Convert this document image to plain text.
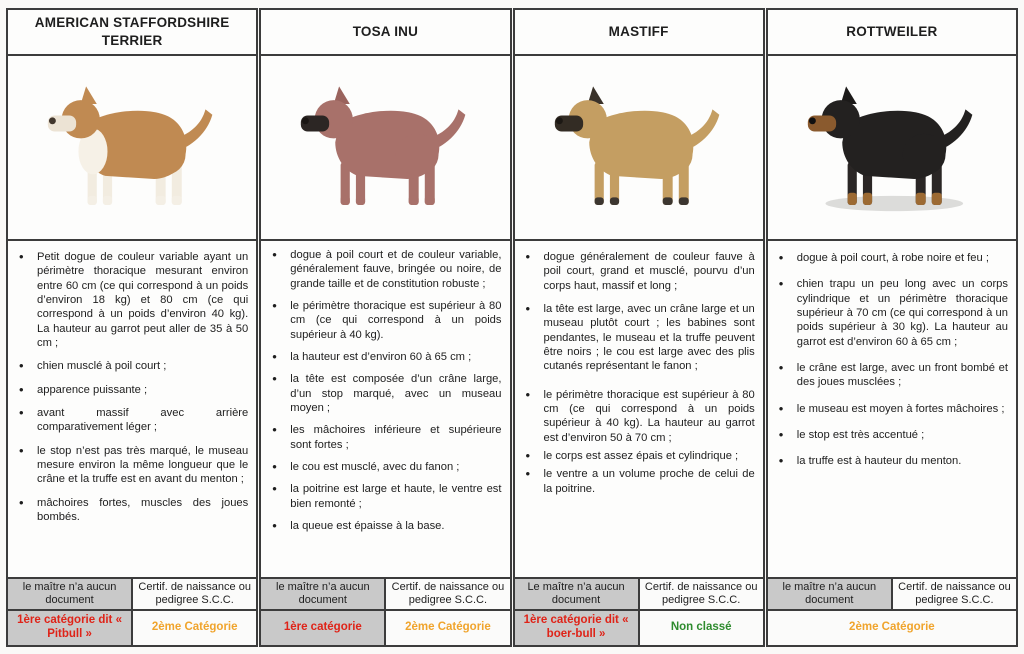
AMERICAN STAFFORDSHIRE TERRIER
• Petit dogue de couleur variable ayant un périmètre thoracique mesurant environ entre 60 cm (ce qui correspond à un poids d’environ 18 kg) et 80 cm (ce qui correspond à un poids d’environ 40 kg). La hauteur au garrot peut aller de 35 à 50 cm ;
• chien musclé à poil court ;
• apparence puissante ;
• avant massif avec arrière comparativement léger ;
• le stop n’est pas très marqué, le museau mesure environ la même longueur que le crâne et la truffe est en avant du menton ;
• mâchoires fortes, muscles des joues bombés.
le maître n’a aucun document
Certif. de naissance ou pedigree S.C.C.
1ère catégorie dit « Pitbull »
2ème Catégorie
TOSA INU
• dogue à poil court et de couleur variable, généralement fauve, bringée ou noire, de grande taille et de constitution robuste ;
• le périmètre thoracique est supérieur à 80 cm (ce qui correspond à un poids supérieur à 40 kg).
• la hauteur est d’environ 60 à 65 cm ;
• la tête est composée d’un crâne large, d’un stop marqué, avec un museau moyen ;
• les mâchoires inférieure et supérieure sont fortes ;
• le cou est musclé, avec du fanon ;
• la poitrine est large et haute, le ventre est bien remonté ;
• la queue est épaisse à la base.
le maître n’a aucun document
Certif. de naissance ou pedigree S.C.C.
1ère catégorie	2ème Catégorie
MASTIFF
• dogue généralement de couleur fauve à poil court, grand et musclé, pourvu d’un corps haut, massif et long ;
• la tête est large, avec un crâne large et un museau plutôt court ; les babines sont pendantes, le museau et la truffe peuvent être noirs ; le cou est large avec des plis cutanés représentant le fanon ;
• le périmètre thoracique est supérieur à 80 cm (ce qui correspond à un poids supérieur à 40 kg). La hauteur au garrot est d’environ 50 à 70 cm ;
• le corps est assez épais et cylindrique ;
• le ventre a un volume proche de celui de la poitrine.
Le maître n’a aucun document
Certif. de naissance ou pedigree S.C.C.
1ère catégorie dit « boer-bull »
Non classé
ROTTWEILER
• dogue à poil court, à robe noire et feu ;
• chien trapu un peu long avec un corps cylindrique et un périmètre thoracique supérieur à 70 cm (ce qui correspond à un poids supérieur à 30 kg). La hauteur au garrot est d’environ 60 à 65 cm ;
• le crâne est large, avec un front bombé et des joues musclées ;
• le museau est moyen à fortes mâchoires ;
• le stop est très accentué ;
• la truffe est à hauteur du menton.
le maître n’a aucun document
Certif. de naissance ou pedigree S.C.C.
2ème Catégorie
